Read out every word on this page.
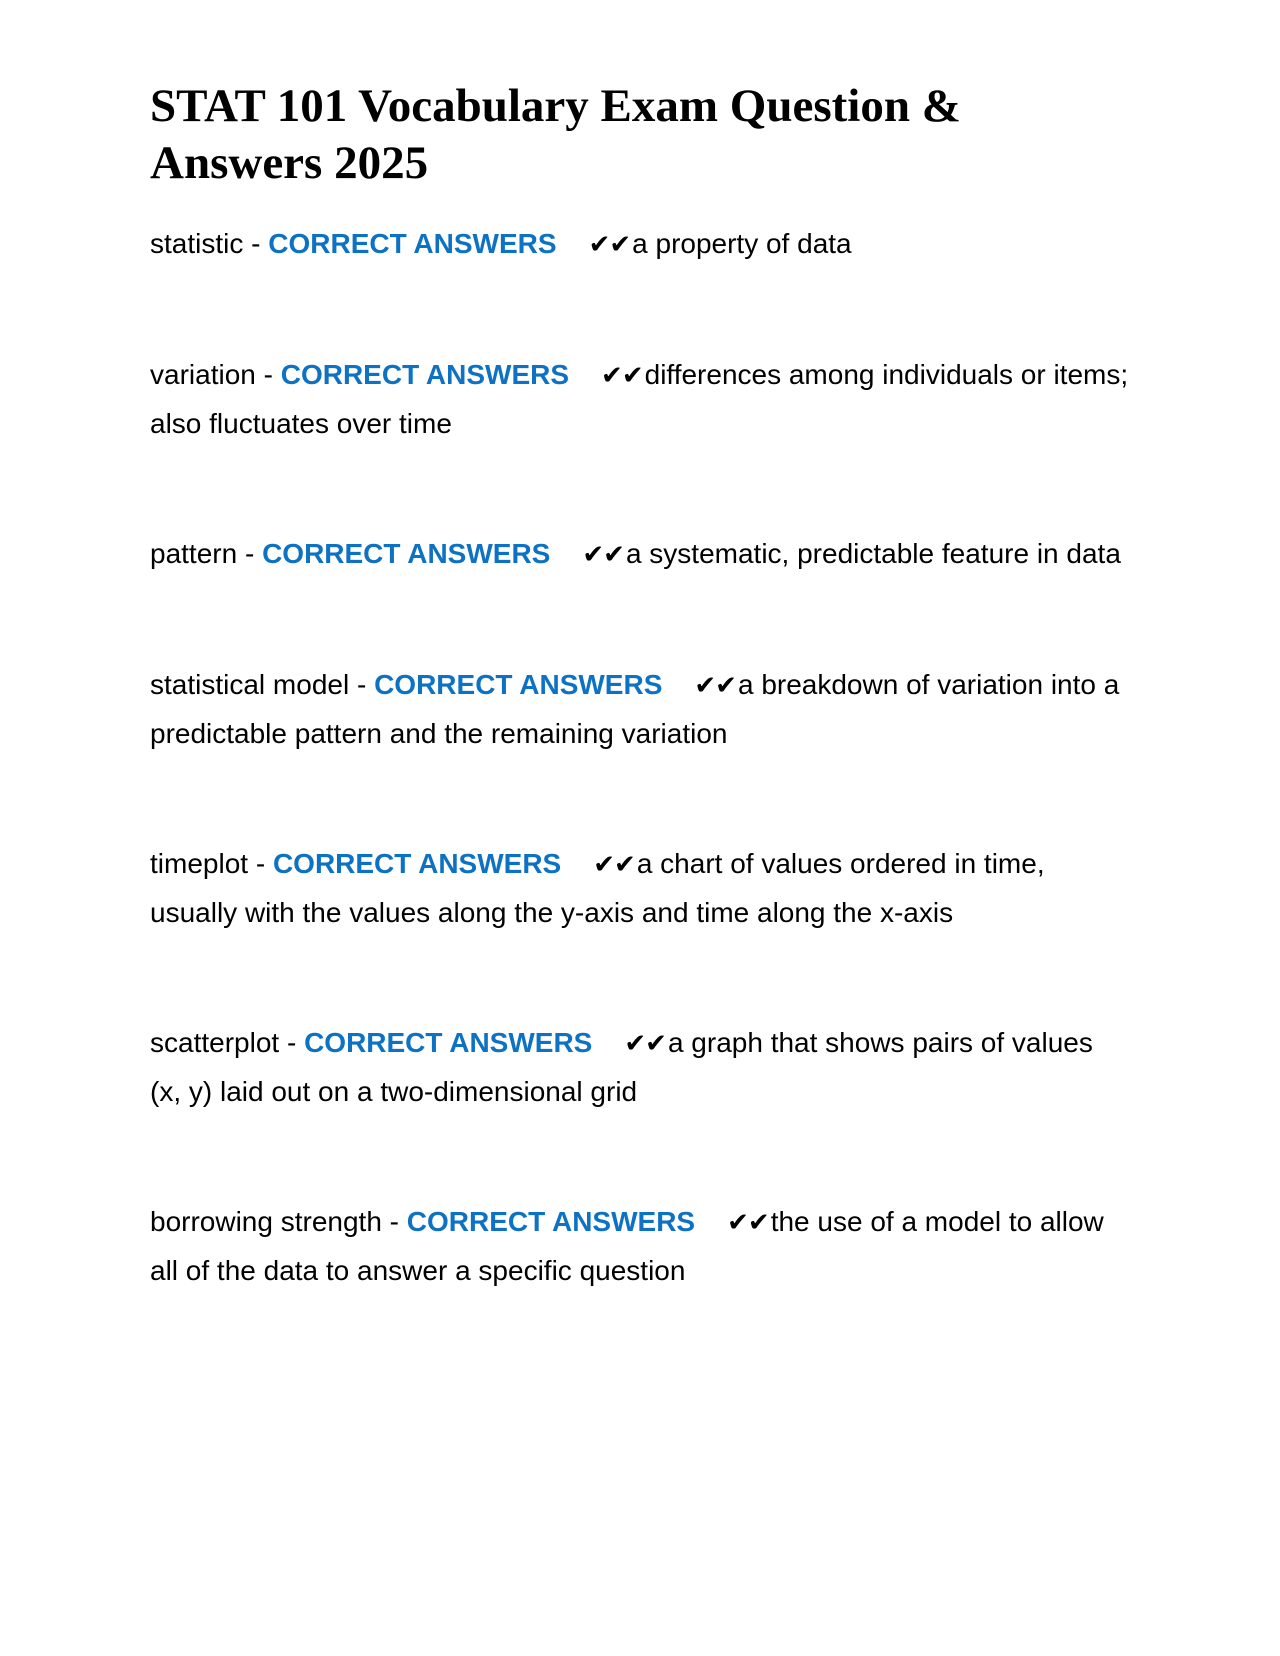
STAT 101 Vocabulary Exam Question & Answers 2025
statistic - CORRECT ANSWERS ✔✔a property of data
variation - CORRECT ANSWERS ✔✔differences among individuals or items; also fluctuates over time
pattern - CORRECT ANSWERS ✔✔a systematic, predictable feature in data
statistical model - CORRECT ANSWERS ✔✔a breakdown of variation into a predictable pattern and the remaining variation
timeplot - CORRECT ANSWERS ✔✔a chart of values ordered in time, usually with the values along the y-axis and time along the x-axis
scatterplot - CORRECT ANSWERS ✔✔a graph that shows pairs of values (x, y) laid out on a two-dimensional grid
borrowing strength - CORRECT ANSWERS ✔✔the use of a model to allow all of the data to answer a specific question
